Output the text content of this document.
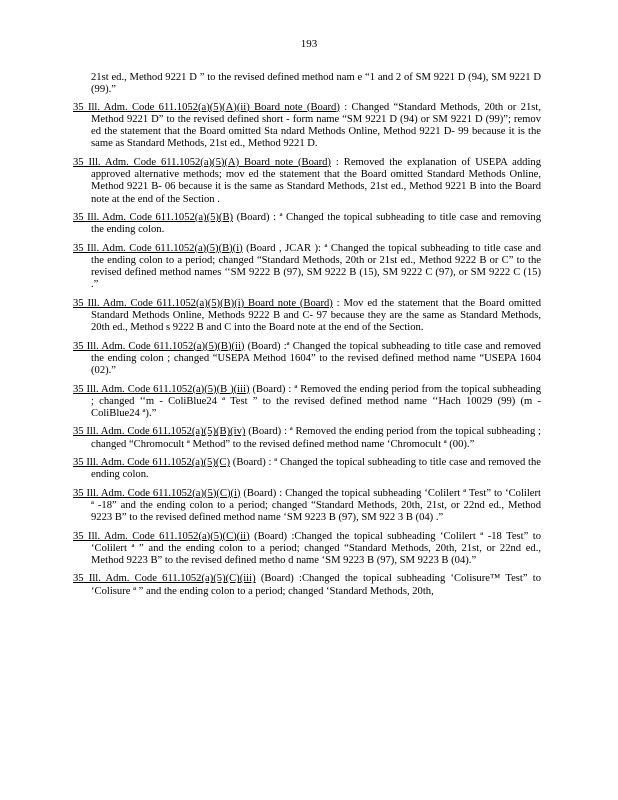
193
21st ed., Method 9221 D ” to the revised defined method nam e “1 and 2 of SM 9221 D (94), SM 9221 D (99).”
35 Ill. Adm. Code 611.1052(a)(5)(A)(ii) Board note (Board) : Changed “Standard Methods, 20th or 21st, Method 9221 D” to the revised defined short - form name “SM 9221 D (94) or SM 9221 D (99)”; remov ed the statement that the Board omitted Sta ndard Methods Online, Method 9221 D- 99 because it is the same as Standard Methods, 21st ed., Method 9221 D.
35 Ill. Adm. Code 611.1052(a)(5)(A) Board note (Board) : Removed the explanation of USEPA adding approved alternative methods; mov ed the statement that the Board omitted Standard Methods Online, Method 9221 B- 06 because it is the same as Standard Methods, 21st ed., Method 9221 B into the Board note at the end of the Section .
35 Ill. Adm. Code 611.1052(a)(5)(B) (Board) : ª Changed the topical subheading to title case and removing the ending colon.
35 Ill. Adm. Code 611.1052(a)(5)(B)(i) (Board , JCAR ): ª Changed the topical subheading to title case and the ending colon to a period; changed “Standard Methods, 20th or 21st ed., Method 9222 B or C” to the revised defined method names ‘‘SM 9222 B (97), SM 9222 B (15), SM 9222 C (97), or SM 9222 C (15) .”
35 Ill. Adm. Code 611.1052(a)(5)(B)(i) Board note (Board) : Mov ed the statement that the Board omitted Standard Methods Online, Methods 9222 B and C- 97 because they are the same as Standard Methods, 20th ed., Method s 9222 B and C into the Board note at the end of the Section.
35 Ill. Adm. Code 611.1052(a)(5)(B)(ii) (Board) :ª Changed the topical subheading to title case and removed the ending colon ; changed “USEPA Method 1604” to the revised defined method name “USEPA 1604 (02).”
35 Ill. Adm. Code 611.1052(a)(5)(B )(iii) (Board) : ª Removed the ending period from the topical subheading ; changed ‘‘m - ColiBlue24 ª Test ” to the revised defined method name ‘‘Hach 10029 (99) (m - ColiBlue24 ª).”
35 Ill. Adm. Code 611.1052(a)(5)(B)(iv) (Board) : ª Removed the ending period from the topical subheading ; changed “Chromocult ª Method” to the revised defined method name ‘Chromocult ª (00).”
35 Ill. Adm. Code 611.1052(a)(5)(C) (Board) : ª Changed the topical subheading to title case and removed the ending colon.
35 Ill. Adm. Code 611.1052(a)(5)(C)(i) (Board) : Changed the topical subheading ‘Colilert ª Test” to ‘Colilert ª -18” and the ending colon to a period; changed “Standard Methods, 20th, 21st, or 22nd ed., Method 9223 B” to the revised defined method name ‘SM 9223 B (97), SM 922 3 B (04) .”
35 Ill. Adm. Code 611.1052(a)(5)(C)(ii) (Board) :Changed the topical subheading ‘Colilert ª -18 Test” to ‘Colilert ª ” and the ending colon to a period; changed “Standard Methods, 20th, 21st, or 22nd ed., Method 9223 B” to the revised defined metho d name ‘SM 9223 B (97), SM 9223 B (04).”
35 Ill. Adm. Code 611.1052(a)(5)(C)(iii) (Board) :Changed the topical subheading ‘Colisure™ Test” to ‘Colisure ª ” and the ending colon to a period; changed ‘Standard Methods, 20th,
